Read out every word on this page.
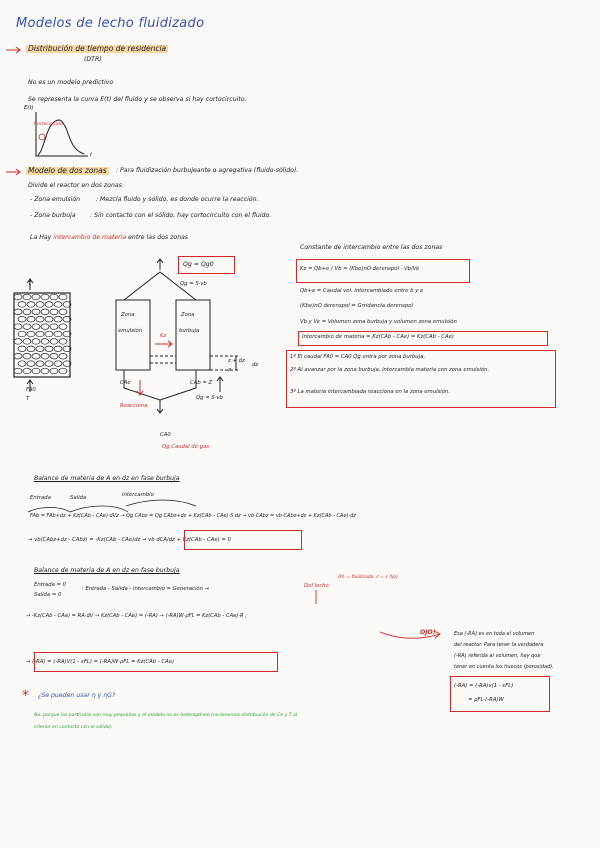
Modelos de lecho fluidizado
Distribución de tiempo de residencia
(DTR)
No es un modelo predictivo
Se representa la curva E(t) del fluido y se observa si hay cortocircuito.
E(t)
t
Cortocircuito
Modelo de dos zonas	: Para fluidización burbujeante o agregativa (fluido-sólido).
Divide el reactor en dos zonas:
- Zona emulsión	: Mezcla fluido y sólido, es donde ocurre la reacción.
- Zona burbuja : Sin contacto con el sólido, hay cortocircuito con el fluido.
La Hay intercambio de materia entre las dos zonas
T
FA0
T
Qg = Qg0
Qg = S·vb
Zona
emulsión
Zona
burbuja
Kz
z + dz
z
dz
CAe	CAb = Z
Qg = S·vb
Reacciona
CA0
Qg Caudal de gas
Constante de intercambio entre las dos zonas
Kz = Qb+e / Vb = (Kbe)nO·derenspol · Vb/Ve
Qb+e = Caudal vol. intercambiado entre b y e
(Kbe)nO derenspol = Grridancia derenspol
Vb y Ve = Volumen zona burbuja y volumen zona emulsión
Intercambio de materia = Kz(CAb - CAe) = Kz(CAb - CAe)
1º El caudal FA0 = CA0 Qg entra por zona burbuja.
2º Al avanzar por la zona burbuja, intercambia materia con zona emulsión.
3º La materia intercambiada reacciona en la zona emulsión.
Balance de materia de A en dz en fase burbuja
Entrada	Salida	Intercambio
FAb = FAb+dz + Kz(CAb - CAe)·dVz → Qg CAbz = Qg CAbz+dz + Kz(CAb - CAe)·S·dz → vb·CAbz = vb·CAbz+dz + Kz(CAb - CAe)·dz
→ vb(CAbz+dz - CAbz) = -Kz(CAb - CAe)dz → vb dCA/dz + Kz(CAb - CAe) = 0
Balance de materia de A en dz en fase burbuja
Entrada = 0
Salida = 0
: Entrada - Salida - Intercambio = Generación →	Del lecho
(PL = fluidizado, ε = ε fijo)
→ -Kz(CAb - CAe) = RA·dV → Kz(CAb - CAe) = (-RA) → (-RA)W·ρFL = Kz(CAb - CAe)·R ;
OJO!
→ (-RA) = (-RA)V(1 - εFL) = (-RA)W·ρFL = Kz(CAb - CAe)
Esa (-RA) es en toda el volumen
del reactor. Para tener la verdadera
(-RA) referida al volumen, hay que
tener en cuenta los huecos (porosidad).
(-RA) = (-RA)v(1 - εFL)
= ρFL·(-RA)W
* ¿Se pueden usar η y ηG?
No, porque las partículas son muy pequeñas y el modelo no es heterogéneo (no tenemos distribución de Ce y T al
interior en contacto con el sólido).
